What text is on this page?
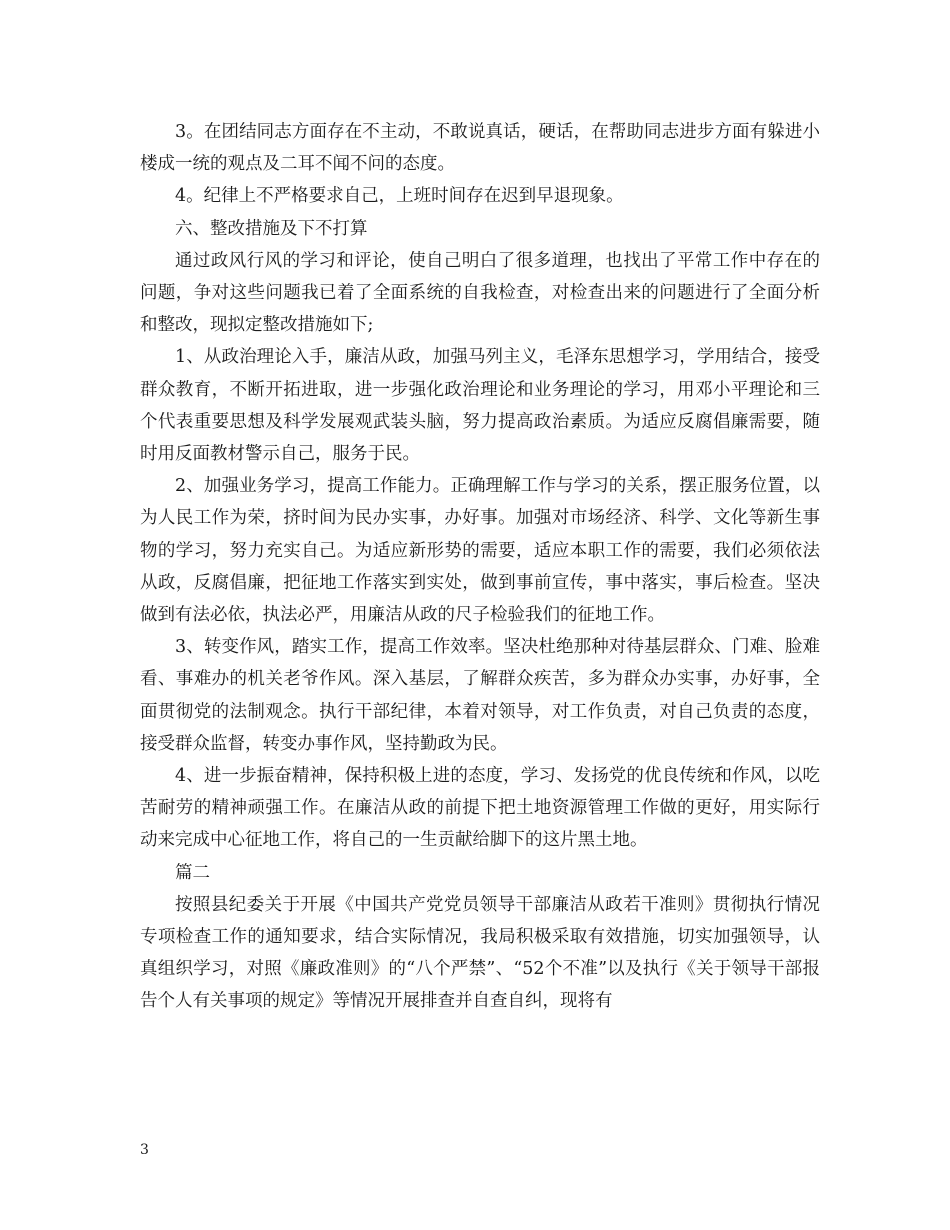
3。在团结同志方面存在不主动，不敢说真话，硬话，在帮助同志进步方面有躲进小楼成一统的观点及二耳不闻不问的态度。

4。纪律上不严格要求自己，上班时间存在迟到早退现象。

六、整改措施及下不打算

通过政风行风的学习和评论，使自己明白了很多道理，也找出了平常工作中存在的问题，争对这些问题我已着了全面系统的自我检查，对检查出来的问题进行了全面分析和整改，现拟定整改措施如下;

1、从政治理论入手，廉洁从政，加强马列主义，毛泽东思想学习，学用结合，接受群众教育，不断开拓进取，进一步强化政治理论和业务理论的学习，用邓小平理论和三个代表重要思想及科学发展观武装头脑，努力提高政治素质。为适应反腐倡廉需要，随时用反面教材警示自己，服务于民。

2、加强业务学习，提高工作能力。正确理解工作与学习的关系，摆正服务位置，以为人民工作为荣，挤时间为民办实事，办好事。加强对市场经济、科学、文化等新生事物的学习，努力充实自己。为适应新形势的需要，适应本职工作的需要，我们必须依法从政，反腐倡廉，把征地工作落实到实处，做到事前宣传，事中落实，事后检查。坚决做到有法必依，执法必严，用廉洁从政的尺子检验我们的征地工作。

3、转变作风，踏实工作，提高工作效率。坚决杜绝那种对待基层群众、门难、脸难看、事难办的机关老爷作风。深入基层，了解群众疾苦，多为群众办实事，办好事，全面贯彻党的法制观念。执行干部纪律，本着对领导，对工作负责，对自己负责的态度，接受群众监督，转变办事作风，坚持勤政为民。

4、进一步振奋精神，保持积极上进的态度，学习、发扬党的优良传统和作风，以吃苦耐劳的精神顽强工作。在廉洁从政的前提下把土地资源管理工作做的更好，用实际行动来完成中心征地工作，将自己的一生贡献给脚下的这片黑土地。

篇二

按照县纪委关于开展《中国共产党党员领导干部廉洁从政若干准则》贯彻执行情况专项检查工作的通知要求，结合实际情况，我局积极采取有效措施，切实加强领导，认真组织学习，对照《廉政准则》的“八个严禁”、“52个不准”以及执行《关于领导干部报告个人有关事项的规定》等情况开展排查并自查自纠，现将有

3
